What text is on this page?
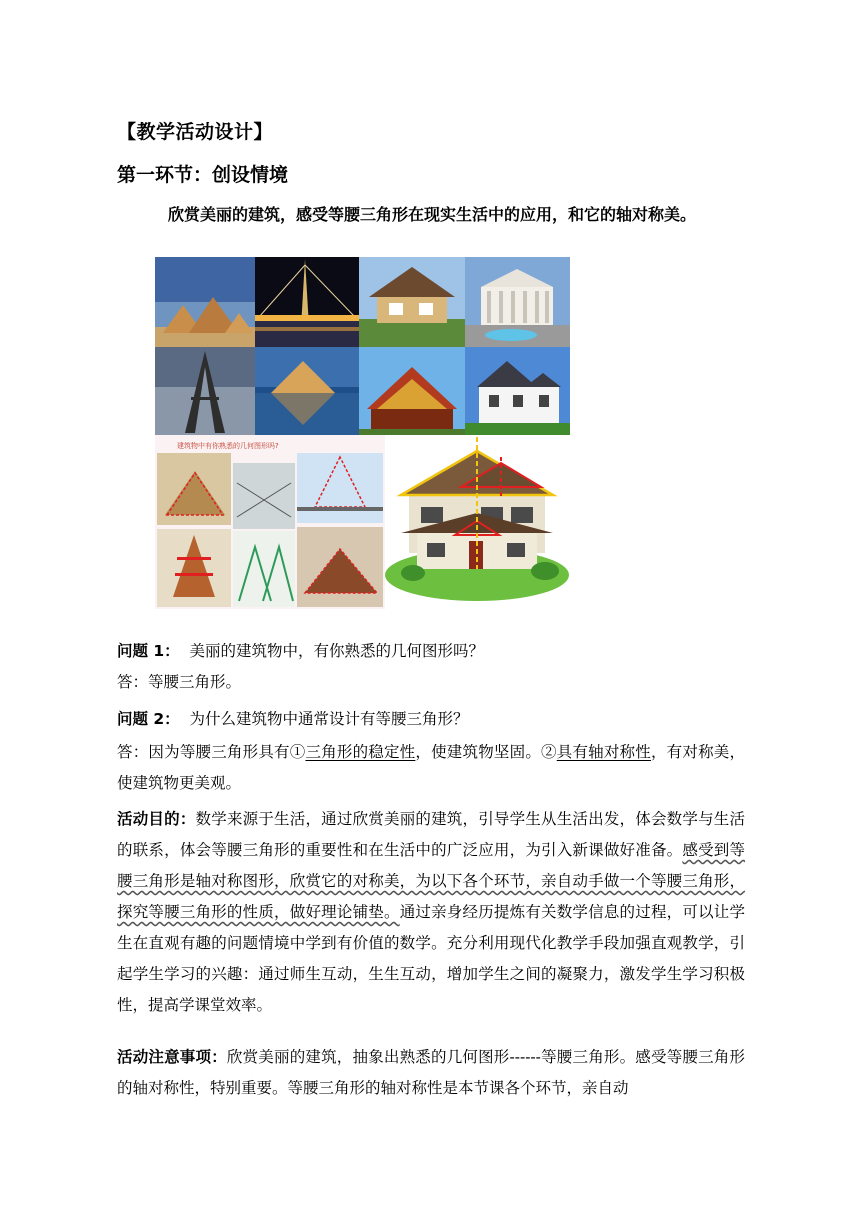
【教学活动设计】
第一环节：创设情境
欣赏美丽的建筑，感受等腰三角形在现实生活中的应用，和它的轴对称美。
建筑物中有你熟悉的几何图形吗?
问题 1： 美丽的建筑物中，有你熟悉的几何图形吗？
答：等腰三角形。
问题 2： 为什么建筑物中通常设计有等腰三角形？
答：因为等腰三角形具有①三角形的稳定性，使建筑物坚固。②具有轴对称性，有对称美，使建筑物更美观。
活动目的：数学来源于生活，通过欣赏美丽的建筑，引导学生从生活出发，体会数学与生活的联系，体会等腰三角形的重要性和在生活中的广泛应用，为引入新课做好准备。感受到等腰三角形是轴对称图形，欣赏它的对称美，为以下各个环节，亲自动手做一个等腰三角形，探究等腰三角形的性质，做好理论铺垫。通过亲身经历提炼有关数学信息的过程，可以让学生在直观有趣的问题情境中学到有价值的数学。充分利用现代化教学手段加强直观教学，引起学生学习的兴趣：通过师生互动，生生互动，增加学生之间的凝聚力，激发学生学习积极性，提高学课堂效率。
活动注意事项：欣赏美丽的建筑，抽象出熟悉的几何图形------等腰三角形。感受等腰三角形的轴对称性，特别重要。等腰三角形的轴对称性是本节课各个环节，亲自动
